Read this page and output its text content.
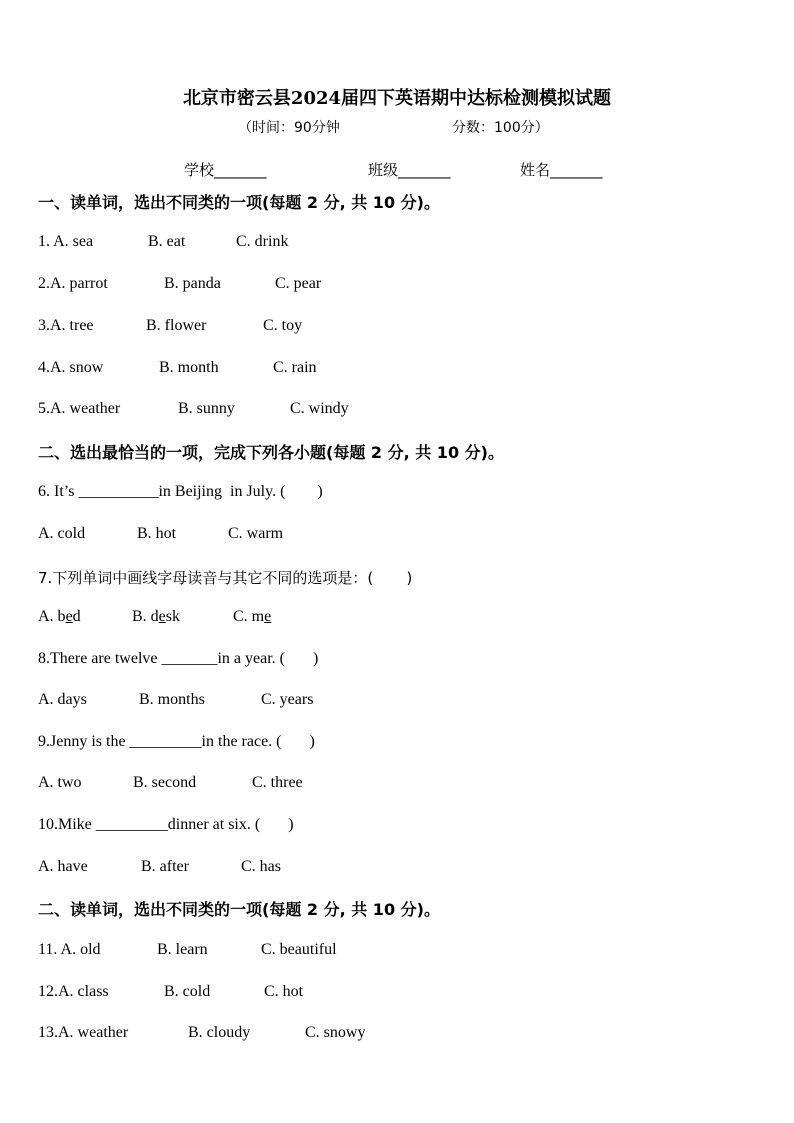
北京市密云县2024届四下英语期中达标检测模拟试题
（时间：90分钟	分数：100分）
学校_______	班级_______	姓名_______
一、读单词，选出不同类的一项(每题 2 分, 共 10 分)。
1. A. sea	B. eat	C. drink
2.A. parrot	B. panda	C. pear
3.A. tree	B. flower	C. toy
4.A. snow	B. month	C. rain
5.A. weather	B. sunny	C. windy
二、选出最恰当的一项，完成下列各小题(每题 2 分, 共 10 分)。
6. It’s __________in Beijing  in July. (        )
A. cold	B. hot	C. warm
7.下列单词中画线字母读音与其它不同的选项是：(       )
A. bed	B. desk	C. me
8.There are twelve _______in a year. (       )
A. days	B. months	C. years
9.Jenny is the _________in the race. (       )
A. two	B. second	C. three
10.Mike _________dinner at six. (       )
A. have	B. after	C. has
二、读单词，选出不同类的一项(每题 2 分, 共 10 分)。
11. A. old	B. learn	C. beautiful
12.A. class	B. cold	C. hot
13.A. weather	B. cloudy	C. snowy
